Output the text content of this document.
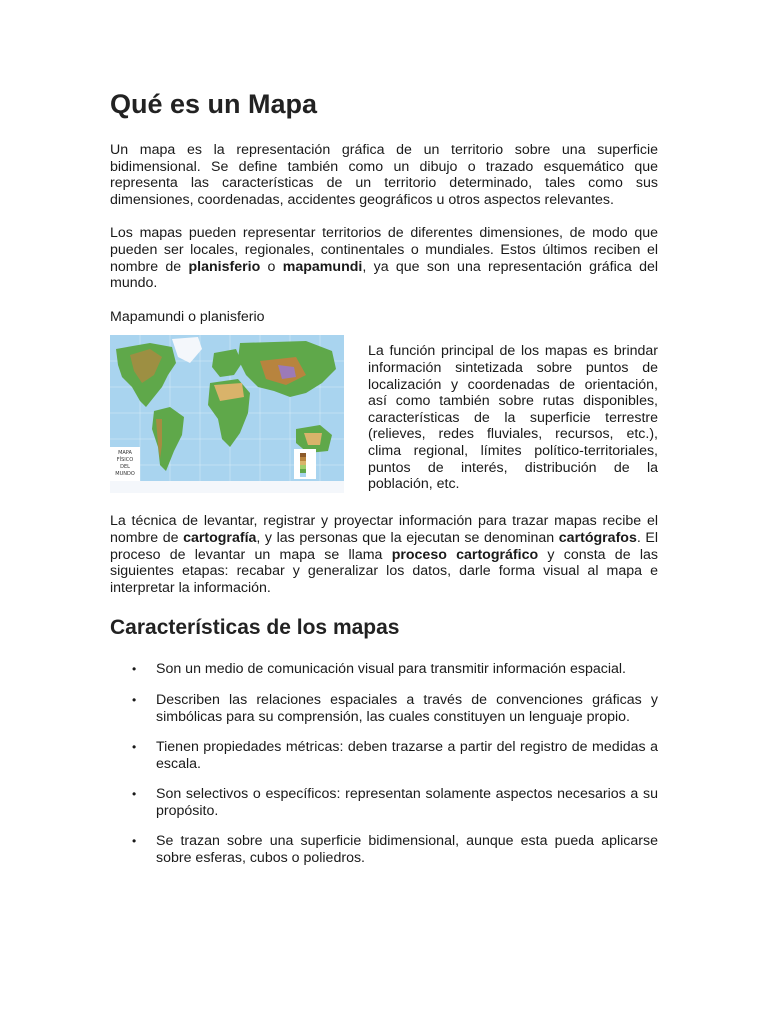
Qué es un Mapa

Un mapa es la representación gráfica de un territorio sobre una superficie bidimensional. Se define también como un dibujo o trazado esquemático que representa las características de un territorio determinado, tales como sus dimensiones, coordenadas, accidentes geográficos u otros aspectos relevantes.

Los mapas pueden representar territorios de diferentes dimensiones, de modo que pueden ser locales, regionales, continentales o mundiales. Estos últimos reciben el nombre de planisferio o mapamundi, ya que son una representación gráfica del mundo.

Mapamundi o planisferio
MAPA
FÍSICO
DEL
MUNDO

La función principal de los mapas es brindar información sintetizada sobre puntos de localización y coordenadas de orientación, así como también sobre rutas disponibles, características de la superficie terrestre (relieves, redes fluviales, recursos, etc.), clima regional, límites político-territoriales, puntos de interés, distribución de la población, etc.

La técnica de levantar, registrar y proyectar información para trazar mapas recibe el nombre de cartografía, y las personas que la ejecutan se denominan cartógrafos. El proceso de levantar un mapa se llama proceso cartográfico y consta de las siguientes etapas: recabar y generalizar los datos, darle forma visual al mapa e interpretar la información.

Características de los mapas
• Son un medio de comunicación visual para transmitir información espacial.
• Describen las relaciones espaciales a través de convenciones gráficas y simbólicas para su comprensión, las cuales constituyen un lenguaje propio.
• Tienen propiedades métricas: deben trazarse a partir del registro de medidas a escala.
• Son selectivos o específicos: representan solamente aspectos necesarios a su propósito.
• Se trazan sobre una superficie bidimensional, aunque esta pueda aplicarse sobre esferas, cubos o poliedros.
